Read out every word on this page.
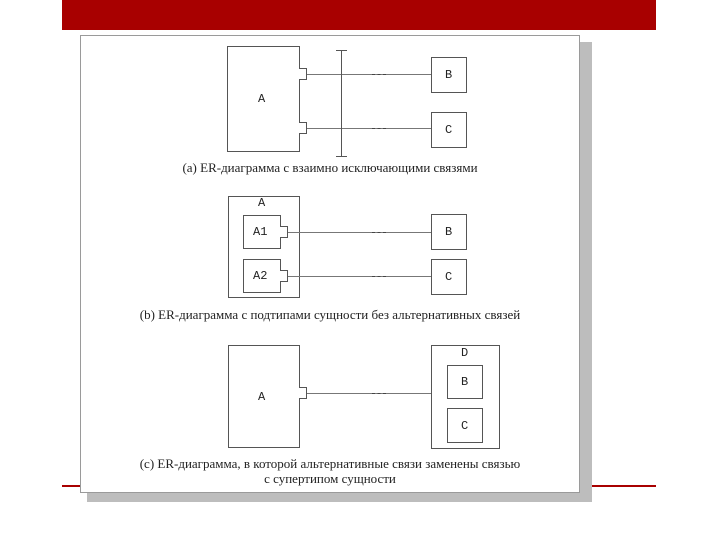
A
B
C
(a) ER-диаграмма с взаимно исключающими связями
A
A1
A2
B
C
(b) ER-диаграмма с подтипами сущности без альтернативных связей
A
D
B
C
(c) ER-диаграмма, в которой альтернативные связи заменены связью
с супертипом сущности
